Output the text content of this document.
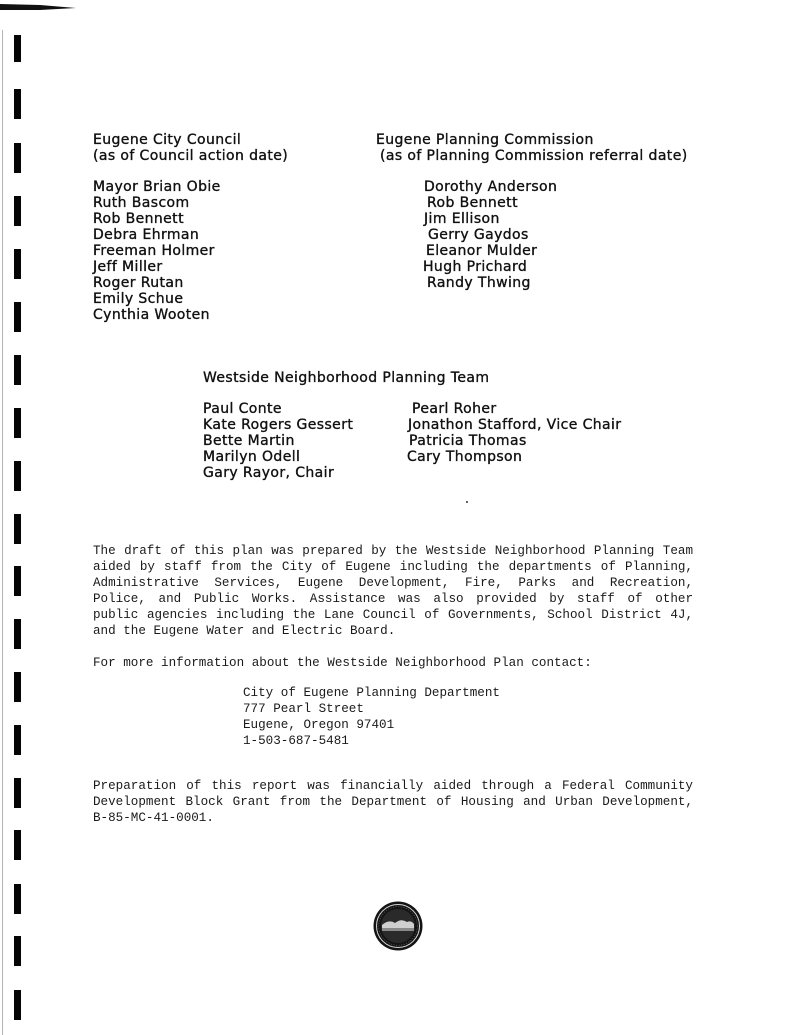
Eugene City Council
(as of Council action date)
Mayor Brian Obie
Ruth Bascom
Rob Bennett
Debra Ehrman
Freeman Holmer
Jeff Miller
Roger Rutan
Emily Schue
Cynthia Wooten
Eugene Planning Commission
(as of Planning Commission referral date)
Dorothy Anderson
Rob Bennett
Jim Ellison
Gerry Gaydos
Eleanor Mulder
Hugh Prichard
Randy Thwing
Westside Neighborhood Planning Team
Paul Conte
Kate Rogers Gessert
Bette Martin
Marilyn Odell
Gary Rayor, Chair
Pearl Roher
Jonathon Stafford, Vice Chair
Patricia Thomas
Cary Thompson
The draft of this plan was prepared by the Westside Neighborhood Planning Team
aided by staff from the City of Eugene including the departments of Planning,
Administrative Services, Eugene Development, Fire, Parks and Recreation,
Police, and Public Works. Assistance was also provided by staff of other
public agencies including the Lane Council of Governments, School District 4J,
and the Eugene Water and Electric Board.
For more information about the Westside Neighborhood Plan contact:
City of Eugene Planning Department
777 Pearl Street
Eugene, Oregon 97401
1-503-687-5481
Preparation of this report was financially aided through a Federal Community
Development Block Grant from the Department of Housing and Urban Development,
B-85-MC-41-0001.
